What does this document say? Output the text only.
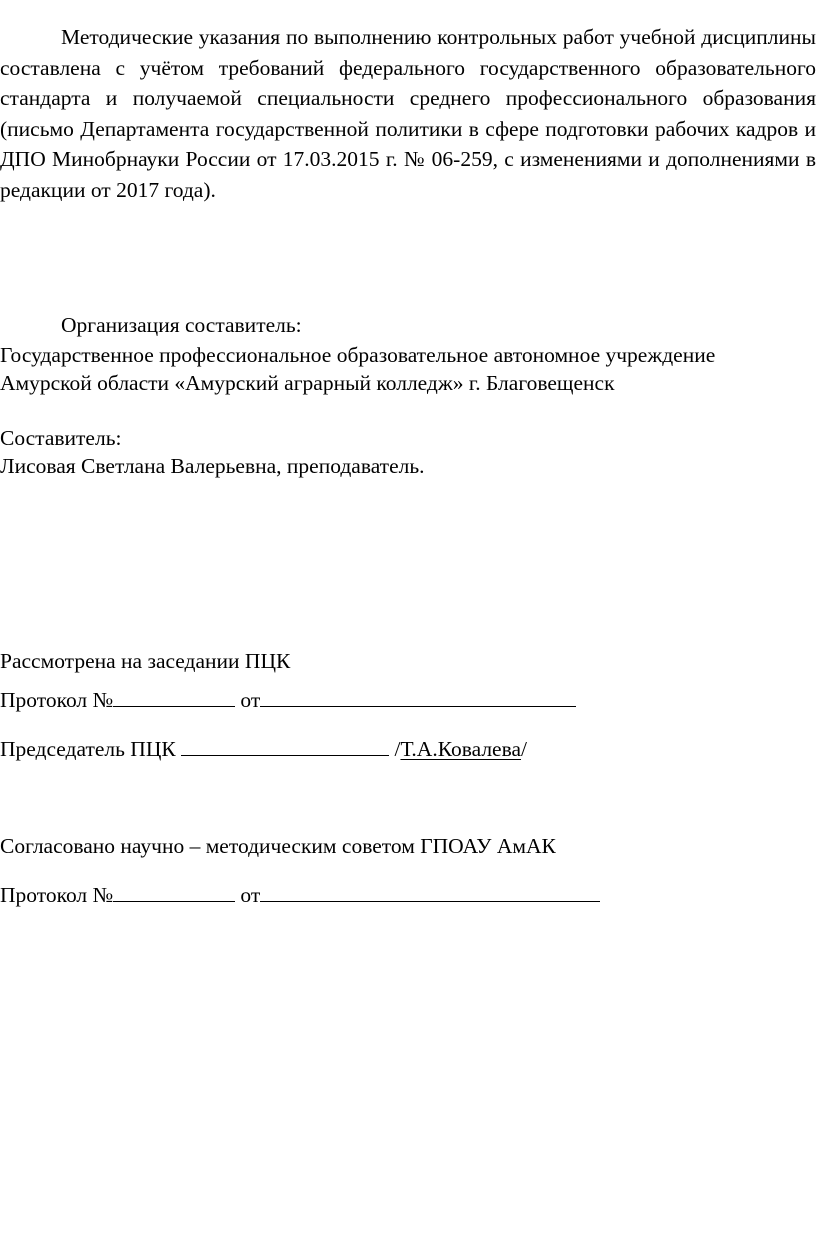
Методические указания по выполнению контрольных работ учебной дисциплины составлена с учётом требований федерального государственного образовательного стандарта и получаемой специальности среднего профессионального образования (письмо Департамента государственной политики в сфере подготовки рабочих кадров и ДПО Минобрнауки России от 17.03.2015 г. № 06-259, с изменениями и дополнениями в редакции от 2017 года).

Организация составитель:

Государственное профессиональное образовательное автономное учреждение

Амурской области «Амурский аграрный колледж» г. Благовещенск

Составитель:

Лисовая Светлана Валерьевна, преподаватель.

Рассмотрена на заседании ПЦК

Протокол №	от

Председатель ПЦК	/Т.А.Ковалева/

Согласовано научно – методическим советом ГПОАУ АмАК

Протокол №	от
